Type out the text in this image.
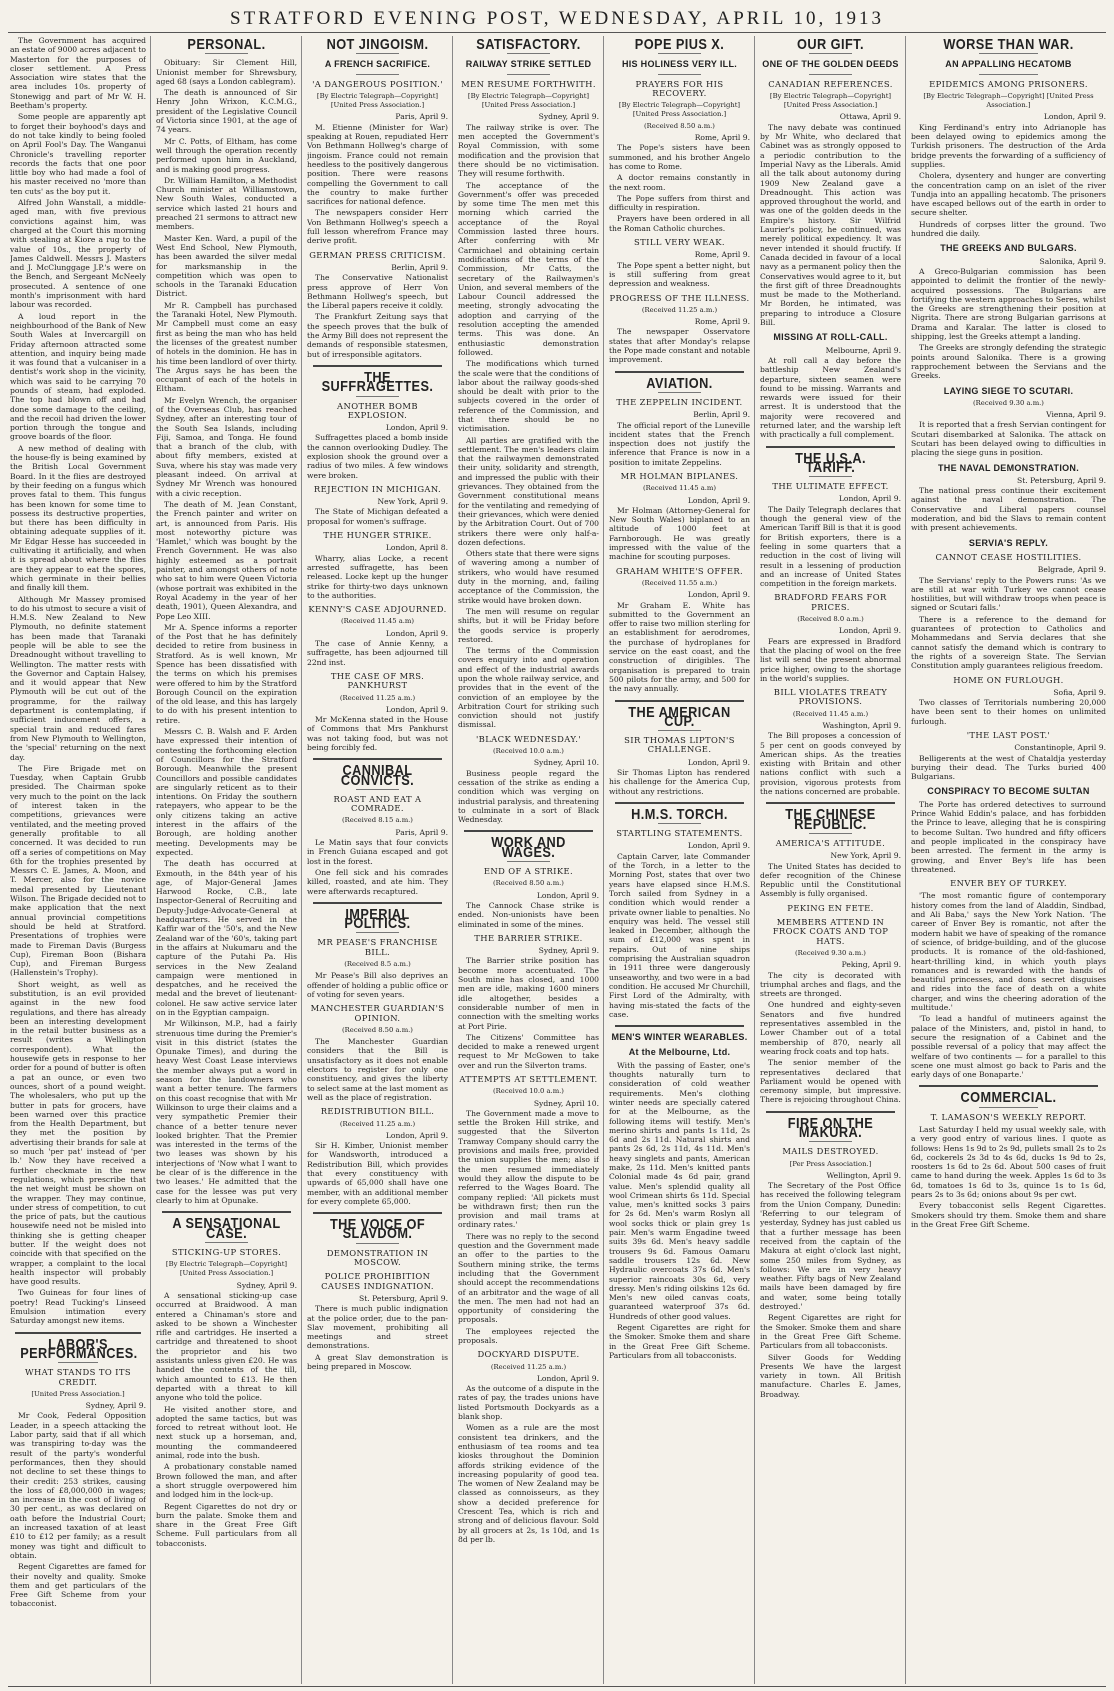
STRATFORD EVENING POST, WEDNESDAY, APRIL 10, 1913

The Government has acquired an estate of 9000 acres adjacent to Masterton for the purposes of closer settlement. A Press Association wire states that the area includes 10s. property of Stonewigg and part of Mr W. H. Beetham's property.

Some people are apparently apt to forget their boyhood's days and do not take kindly to being fooled on April Fool's Day. The Wanganui Chronicle's travelling reporter records the facts that one poor little boy who had made a fool of his master received no 'more than ten cuts' as the boy put it.

Alfred John Wanstall, a middle-aged man, with five previous convictions against him, was charged at the Court this morning with stealing at Kiore a rug to the value of 10s., the property of James Caldwell. Messrs J. Masters and J. McClunggage J.P.'s were on the Bench, and Sergeant McNeely prosecuted. A sentence of one month's imprisonment with hard labour was recorded.

A loud report in the neighbourhood of the Bank of New South Wales at Invercargill on Friday afternoon attracted some attention, and inquiry being made it was found that a vulcaniser in a dentist's work shop in the vicinity, which was said to be carrying 70 pounds of steam, had exploded. The top had blown off and had done some damage to the ceiling, and the recoil had driven the lower portion through the tongue and groove boards of the floor.

A new method of dealing with the house-fly is being examined by the British Local Government Board. In it the flies are destroyed by their feeding on a fungus which proves fatal to them. This fungus has been known for some time to possess its destructive properties, but there has been difficulty in obtaining adequate supplies of it. Mr Edgar Hesse has succeeded in cultivating it artificially, and when it is spread about where the flies are they appear to eat the spores, which germinate in their bellies and finally kill them.

Although Mr Massey promised to do his utmost to secure a visit of H.M.S. New Zealand to New Plymouth, no definite statement has been made that Taranaki people will be able to see the Dreadnought without travelling to Wellington. The matter rests with the Governor and Captain Halsey, and it would appear that New Plymouth will be cut out of the programme, for the railway department is contemplating, if sufficient inducement offers, a special train and reduced fares from New Plymouth to Wellington, the 'special' returning on the next day.

The Fire Brigade met on Tuesday, when Captain Grubb presided. The Chairman spoke very much to the point on the lack of interest taken in the competitions, grievances were ventilated, and the meeting proved generally profitable to all concerned. It was decided to run off a series of competitions on May 6th for the trophies presented by Messrs C. E. James, A. Moon, and T. Mercer, also for the novice medal presented by Lieutenant Wilson. The Brigade decided not to make application that the next annual provincial competitions should be held at Stratford. Presentations of trophies were made to Fireman Davis (Burgess Cup), Fireman Boon (Bishara Cup), and Fireman Burgess (Hallenstein's Trophy).

Short weight, as well as substitution, is an evil provided against in the new food regulations, and there has already been an interesting development in the retail butter business as a result (writes a Wellington correspondent). What the housewife gets in response to her order for a pound of butter is often a pat an ounce, or even two ounces, short of a pound weight. The wholesalers, who put up the butter in pats for grocers, have been warned over this practice from the Health Department, but they met the position by advertising their brands for sale at so much 'per pat' instead of 'per lb.' Now they have received a further checkmate in the new regulations, which prescribe that the net weight must be shown on the wrapper. They may continue, under stress of competition, to cut the price of pats, but the cautious housewife need not be misled into thinking she is getting cheaper butter. If the weight does not coincide with that specified on the wrapper, a complaint to the local health inspector will probably have good results.

Two Guineas for four lines of poetry! Read Tucking's Linseed Emulsion intimation every Saturday amongst new items.

LABOR'S PERFORMANCES.
WHAT STANDS TO ITS CREDIT.
[United Press Association.]
Sydney, April 9.

Mr Cook, Federal Opposition Leader, in a speech attacking the Labor party, said that if all which was transpiring to-day was the result of the party's wonderful performances, then they should not decline to set these things to their credit: 253 strikes, causing the loss of £8,000,000 in wages; an increase in the cost of living of 30 per cent., as was declared on oath before the Industrial Court; an increased taxation of at least £10 to £12 per family; as a result money was tight and difficult to obtain.

Regent Cigarettes are famed for their novelty and quality. Smoke them and get particulars of the Free Gift Scheme from your tobacconist.

PERSONAL.

Obituary: Sir Clement Hill, Unionist member for Shrewsbury, aged 68 (says a London cablegram).

The death is announced of Sir Henry John Wrixon, K.C.M.G., president of the Legislative Council of Victoria since 1901, at the age of 74 years.

Mr C. Potts, of Eltham, has come well through the operation recently performed upon him in Auckland, and is making good progress.

Dr. William Hamilton, a Methodist Church minister at Williamstown, New South Wales, conducted a service which lasted 21 hours and preached 21 sermons to attract new members.

Master Ken. Ward, a pupil of the West End School, New Plymouth, has been awarded the silver medal for marksmanship in the competition which was open to schools in the Taranaki Education District.

Mr R. Campbell has purchased the Taranaki Hotel, New Plymouth. Mr Campbell must come an easy first as being the man who has held the licenses of the greatest number of hotels in the dominion. He has in his time been landlord of over thirty. The Argus says he has been the occupant of each of the hotels in Eltham.

Mr Evelyn Wrench, the organiser of the Overseas Club, has reached Sydney, after an interesting tour of the South Sea Islands, including Fiji, Samoa, and Tonga. He found that a branch of the club, with about fifty members, existed at Suva, where his stay was made very pleasant indeed. On arrival at Sydney Mr Wrench was honoured with a civic reception.

The death of M. Jean Constant, the French painter and writer on art, is announced from Paris. His most noteworthy picture was 'Hamlet,' which was bought by the French Government. He was also highly esteemed as a portrait painter, and amongst others of note who sat to him were Queen Victoria (whose portrait was exhibited in the Royal Academy in the year of her death, 1901), Queen Alexandra, and Pope Leo XIII.

Mr A. Spence informs a reporter of the Post that he has definitely decided to retire from business in Stratford. As is well known, Mr Spence has been dissatisfied with the terms on which his premises were offered to him by the Stratford Borough Council on the expiration of the old lease, and this has largely to do with his present intention to retire.

Messrs C. B. Walsh and F. Arden have expressed their intention of contesting the forthcoming election of Councillors for the Stratford Borough. Meanwhile the present Councillors and possible candidates are singularly reticent as to their intentions. On Friday the southern ratepayers, who appear to be the only citizens taking an active interest in the affairs of the Borough, are holding another meeting. Developments may be expected.

The death has occurred at Exmouth, in the 84th year of his age, of Major-General James Harwood Rocke, C.B., late Inspector-General of Recruiting and Deputy-Judge-Advocate-General at headquarters. He served in the Kaffir war of the '50's, and the New Zealand war of the '60's, taking part in the affairs at Nukumaru and the capture of the Putahi Pa. His services in the New Zealand campaign were mentioned in despatches, and he received the medal and the brevet of lieutenant-colonel. He saw active service later on in the Egyptian campaign.

Mr Wilkinson, M.P., had a fairly strenuous time during the Premier's visit in this district (states the Opunake Times), and during the heavy West Coast Lease interviews the member always put a word in season for the landowners who want a better tenure. The farmers on this coast recognise that with Mr Wilkinson to urge their claims and a very sympathetic Premier their chance of a better tenure never looked brighter. That the Premier was interested in the terms of the two leases was shown by his interjections of 'Now what I want to be clear of is the difference in the two leases.' He admitted that the case for the lessee was put very clearly to him at Opunake.

A SENSATIONAL CASE.
STICKING-UP STORES.
[By Electric Telegraph—Copyright] [United Press Association.]
Sydney, April 9.

A sensational sticking-up case occurred at Braidwood. A man entered a Chinaman's store and asked to be shown a Winchester rifle and cartridges. He inserted a cartridge and threatened to shoot the proprietor and his two assistants unless given £20. He was handed the contents of the till, which amounted to £13. He then departed with a threat to kill anyone who told the police.

He visited another store, and adopted the same tactics, but was forced to retreat without loot. He next stuck up a horseman, and, mounting the commandeered animal, rode into the bush.

A probationary constable named Brown followed the man, and after a short struggle overpowered him and lodged him in the lock-up.

Regent Cigarettes do not dry or burn the palate. Smoke them and share in the Great Free Gift Scheme. Full particulars from all tobacconists.

NOT JINGOISM.
A FRENCH SACRIFICE.
'A DANGEROUS POSITION.'
[By Electric Telegraph—Copyright] [United Press Association.]
Paris, April 9.

M. Etienne (Minister for War) speaking at Rouen, repudiated Herr Von Bethmann Hollweg's charge of jingoism. France could not remain heedless to the positively dangerous position. There were reasons compelling the Government to call the country to make further sacrifices for national defence.

The newspapers consider Herr Von Bethmann Hollweg's speech a full lesson wherefrom France may derive profit.

GERMAN PRESS CRITICISM.
Berlin, April 9.

The Conservative Nationalist press approve of Herr Von Bethmann Hollweg's speech, but the Liberal papers receive it coldly.

The Frankfurt Zeitung says that the speech proves that the bulk of the Army Bill does not represent the demands of responsible statesmen, but of irresponsible agitators.

THE SUFFRAGETTES.
ANOTHER BOMB EXPLOSION.
London, April 9.

Suffragettes placed a bomb inside the cannon overlooking Dudley. The explosion shook the ground over a radius of two miles. A few windows were broken.

REJECTION IN MICHIGAN.
New York, April 9.

The State of Michigan defeated a proposal for women's suffrage.

THE HUNGER STRIKE.
London, April 8.

Wharry, alias Locke, a recent arrested suffragette, has been released. Locke kept up the hunger strike for thirty-two days unknown to the authorities.

KENNY'S CASE ADJOURNED.
(Received 11.45 a.m)
London, April 9.

The case of Annie Kenny, a suffragette, has been adjourned till 22nd inst.

THE CASE OF MRS. PANKHURST
(Received 11.25 a.m.)
London, April 9.

Mr McKenna stated in the House of Commons that Mrs Pankhurst was not taking food, but was not being forcibly fed.

CANNIBAL CONVICTS.
ROAST AND EAT A COMRADE.
(Received 8.15 a.m.)
Paris, April 9.

Le Matin says that four convicts in French Guiana escaped and got lost in the forest.

One fell sick and his comrades killed, roasted, and ate him. They were afterwards recaptured.

IMPERIAL POLITICS.
MR PEASE'S FRANCHISE BILL.
(Received 8.5 a.m.)

Mr Pease's Bill also deprives an offender of holding a public office or of voting for seven years.

MANCHESTER GUARDIAN'S OPINION.
(Received 8.50 a.m.)

The Manchester Guardian considers that the Bill is unsatisfactory as it does not enable electors to register for only one constituency, and gives the liberty to select same at the last moment as well as the place of registration.

REDISTRIBUTION BILL.
(Received 11.25 a.m.)
London, April 9.

Sir H. Kimber, Unionist member for Wandsworth, introduced a Redistribution Bill, which provides that every constituency with upwards of 65,000 shall have one member, with an additional member for every complete 65,000.

THE VOICE OF SLAVDOM.
DEMONSTRATION IN MOSCOW.
POLICE PROHIBITION CAUSES INDIGNATION.
St. Petersburg, April 9.

There is much public indignation at the police order, due to the pan-Slav movement, prohibiting all meetings and street demonstrations.

A great Slav demonstration is being prepared in Moscow.

SATISFACTORY.
RAILWAY STRIKE SETTLED
MEN RESUME FORTHWITH.
[By Electric Telegraph—Copyright] [United Press Association.]
Sydney, April 9.

The railway strike is over. The men accepted the Government's Royal Commission, with some modification and the provision that there should be no victimisation. They will resume forthwith.

The acceptance of the Government's offer was preceded by some time The men met this morning which carried the acceptance of the Royal Commission lasted three hours. After conferring with Mr Carmichael and obtaining certain modifications of the terms of the Commission, Mr Catts, the secretary of the Railwaymen's Union, and several members of the Labour Council addressed the meeting, strongly advocating the adoption and carrying of the resolution accepting the amended terms. This was done. An enthusiastic demonstration followed.

The modifications which turned the scale were that the conditions of labor about the railway goods-shed should be dealt with prior to the subjects covered in the order of reference of the Commission, and that there should be no victimisation.

All parties are gratified with the settlement. The men's leaders claim that the railwaymen demonstrated their unity, solidarity and strength, and impressed the public with their grievances. They obtained from the Government constitutional means for the ventilating and remedying of their grievances, which were denied by the Arbitration Court. Out of 700 strikers there were only half-a-dozen defections.

Others state that there were signs of wavering among a number of strikers, who would have resumed duty in the morning, and, failing acceptance of the Commission, the strike would have broken down.

The men will resume on regular shifts, but it will be Friday before the goods service is properly restored.

The terms of the Commission covers enquiry into and operation and effect of the industrial awards upon the whole railway service, and provides that in the event of the conviction of an employee by the Arbitration Court for striking such conviction should not justify dismissal.

'BLACK WEDNESDAY.'
(Received 10.0 a.m.)
Sydney, April 10.

Business people regard the cessation of the strike as ending a condition which was verging on industrial paralysis, and threatening to culminate in a sort of Black Wednesday.

WORK AND WAGES.
END OF A STRIKE.
(Received 8.50 a.m.)
London, April 9.

The Cannock Chase strike is ended. Non-unionists have been eliminated in some of the mines.

THE BARRIER STRIKE.
Sydney, April 9.

The Barrier strike position has become more accentuated. The South mine has closed, and 1000 men are idle, making 1600 miners idle altogether, besides a considerable number of men in connection with the smelting works at Port Pirie.

The Citizens' Committee has decided to make a renewed urgent request to Mr McGowen to take over and run the Silverton trams.

ATTEMPTS AT SETTLEMENT.
(Received 10.0 a.m.)
Sydney, April 10.

The Government made a move to settle the Broken Hill strike, and suggested that the Silverton Tramway Company should carry the provisions and mails free, provided the union supplies the men; also if the men resumed immediately would they allow the dispute to be referred to the Wages Board. The company replied: 'All pickets must be withdrawn first; then run the provision and mail trams at ordinary rates.'

There was no reply to the second question and the Government made an offer to the parties to the Southern mining strike, the terms including that the Government should accept the recommendations of an arbitrator and the wage of all the men. The men had not had an opportunity of considering the proposals.

The employees rejected the proposals.

DOCKYARD DISPUTE.
(Received 11.25 a.m.)
London, April 9.

As the outcome of a dispute in the rates of pay, the trades unions have listed Portsmouth Dockyards as a blank shop.

Women as a rule are the most consistent tea drinkers, and the enthusiasm of tea rooms and tea kiosks throughout the Dominion affords striking evidence of the increasing popularity of good tea. The women of New Zealand may be classed as connoisseurs, as they show a decided preference for Crescent Tea, which is rich and strong and of delicious flavour. Sold by all grocers at 2s, 1s 10d, and 1s 8d per lb.

POPE PIUS X.
HIS HOLINESS VERY ILL.
PRAYERS FOR HIS RECOVERY.
[By Electric Telegraph—Copyright] [United Press Association.]
(Received 8.50 a.m.)
Rome, April 9.

The Pope's sisters have been summoned, and his brother Angelo has come to Rome.

A doctor remains constantly in the next room.

The Pope suffers from thirst and difficulty in respiration.

Prayers have been ordered in all the Roman Catholic churches.

STILL VERY WEAK.
Rome, April 9.

The Pope spent a better night, but is still suffering from great depression and weakness.

PROGRESS OF THE ILLNESS.
(Received 11.25 a.m.)
Rome, April 9.

The newspaper Osservatore states that after Monday's relapse the Pope made constant and notable improvement.

AVIATION.
THE ZEPPELIN INCIDENT.
Berlin, April 9.

The official report of the Luneville incident states that the French inspection does not justify the inference that France is now in a position to imitate Zeppelins.

MR HOLMAN BIPLANES.
(Received 11.45 a.m)
London, April 9.

Mr Holman (Attorney-General for New South Wales) biplaned to an altitude of 1000 feet at Farnborough. He was greatly impressed with the value of the machine for scouting purposes.

GRAHAM WHITE'S OFFER.
(Received 11.55 a.m.)
London, April 9.

Mr Graham E. White has submitted to the Government an offer to raise two million sterling for an establishment for aerodromes, the purchase of hydroplanes for service on the east coast, and the construction of dirigibles. The organisation is prepared to train 500 pilots for the army, and 500 for the navy annually.

THE AMERICAN CUP.
SIR THOMAS LIPTON'S CHALLENGE.
London, April 9.

Sir Thomas Lipton has rendered his challenge for the America Cup, without any restrictions.

H.M.S. TORCH.
STARTLING STATEMENTS.
London, April 9.

Captain Carver, late Commander of the Torch, in a letter to the Morning Post, states that over two years have elapsed since H.M.S. Torch sailed from Sydney in a condition which would render a private owner liable to penalties. No enquiry was held. The vessel still leaked in December, although the sum of £12,000 was spent in repairs. Out of nine ships comprising the Australian squadron in 1911 three were dangerously unseaworthy, and two were in a bad condition. He accused Mr Churchill, First Lord of the Admiralty, with having mis-stated the facts of the case.

MEN'S WINTER WEARABLES.
At the Melbourne, Ltd.

With the passing of Easter, one's thoughts naturally turn to consideration of cold weather requirements. Men's clothing winter needs are specially catered for at the Melbourne, as the following items will testify. Men's merino shirts and pants 1s 11d, 2s 6d and 2s 11d. Natural shirts and pants 2s 6d, 2s 11d, 4s 11d. Men's heavy singlets and pants, American make, 2s 11d. Men's knitted pants Colonial made 4s 6d pair, grand value. Men's splendid quality all wool Crimean shirts 6s 11d. Special value, men's knitted socks 3 pairs for 2s 6d. Men's warm Roslyn all wool socks thick or plain grey 1s pair. Men's warm Engadine tweed suits 39s 6d. Men's heavy saddle trousers 9s 6d. Famous Oamaru saddle trousers 12s 6d. New Hydraulic overcoats 37s 6d. Men's superior raincoats 30s 6d, very dressy. Men's riding oilskins 12s 6d. Men's new oiled canvas coats, guaranteed waterproof 37s 6d. Hundreds of other good values.

Regent Cigarettes are right for the Smoker. Smoke them and share in the Great Free Gift Scheme. Particulars from all tobacconists.

OUR GIFT.
ONE OF THE GOLDEN DEEDS
CANADIAN REFERENCES.
[By Electric Telegraph—Copyright] [United Press Association.]
Ottawa, April 9.

The navy debate was continued by Mr White, who declared that Cabinet was as strongly opposed to a periodic contribution to the Imperial Navy as the Liberals. Amid all the talk about autonomy during 1909 New Zealand gave a Dreadnought. This action was approved throughout the world, and was one of the golden deeds in the Empire's history. Sir Wilfrid Laurier's policy, he continued, was merely political expediency. It was never intended it should fructify. If Canada decided in favour of a local navy as a permanent policy then the Conservatives would agree to it, but the first gift of three Dreadnoughts must be made to the Motherland. Mr Borden, he intimated, was preparing to introduce a Closure Bill.

MISSING AT ROLL-CALL.
Melbourne, April 9.

At roll call a day before the battleship New Zealand's departure, sixteen seamen were found to be missing. Warrants and rewards were issued for their arrest. It is understood that the majority were recovered and returned later, and the warship left with practically a full complement.

THE U.S.A. TARIFF.
THE ULTIMATE EFFECT.
London, April 9.

The Daily Telegraph declares that though the general view of the American Tariff Bill is that it is good for British exporters, there is a feeling in some quarters that a reduction in the cost of living will result in a lessening of production and an increase of United States competition in the foreign markets.

BRADFORD FEARS FOR PRICES.
(Received 8.0 a.m.)
London, April 9.

Fears are expressed in Bradford that the placing of wool on the free list will send the present abnormal price higher, owing to the shortage in the world's supplies.

BILL VIOLATES TREATY PROVISIONS.
(Received 11.45 a.m.)
Washington, April 9.

The Bill proposes a concession of 5 per cent on goods conveyed by American ships. As the treaties existing with Britain and other nations conflict with such a provision, vigorous protests from the nations concerned are probable.

THE CHINESE REPUBLIC.
AMERICA'S ATTITUDE.
New York, April 9.

The United States has decided to defer recognition of the Chinese Republic until the Constitutional Assembly is fully organised.

PEKING EN FETE.
MEMBERS ATTEND IN FROCK COATS AND TOP HATS.
(Received 9.30 a.m.)
Peking, April 9.

The city is decorated with triumphal arches and flags, and the streets are thronged.

One hundred and eighty-seven Senators and five hundred representatives assembled in the Lower Chamber out of a total membership of 870, nearly all wearing frock coats and top hats.

The senior member of the representatives declared that Parliament would be opened with ceremony simple, but impressive. There is rejoicing throughout China.

FIRE ON THE MAKURA.
MAILS DESTROYED.
[Per Press Association.]
Wellington, April 9.

The Secretary of the Post Office has received the following telegram from the Union Company, Dunedin: 'Referring to our telegram of yesterday, Sydney has just cabled us that a further message has been received from the captain of the Makura at eight o'clock last night, some 250 miles from Sydney, as follows: We are in very heavy weather. Fifty bags of New Zealand mails have been damaged by fire and water, some being totally destroyed.'

Regent Cigarettes are right for the Smoker. Smoke them and share in the Great Free Gift Scheme. Particulars from all tobacconists.

Silver Goods for Wedding Presents We have the largest variety in town. All British manufacture. Charles E. James, Broadway.

WORSE THAN WAR.
AN APPALLING HECATOMB
EPIDEMICS AMONG PRISONERS.
[By Electric Telegraph—Copyright] [United Press Association.]
London, April 9.

King Ferdinand's entry into Adrianople has been delayed owing to epidemics among the Turkish prisoners. The destruction of the Arda bridge prevents the forwarding of a sufficiency of supplies.

Cholera, dysentery and hunger are converting the concentration camp on an islet of the river Tundja into an appalling hecatomb. The prisoners have escaped bellows out of the earth in order to secure shelter.

Hundreds of corpses litter the ground. Two hundred die daily.

THE GREEKS AND BULGARS.
Salonika, April 9.

A Greco-Bulgarian commission has been appointed to delimit the frontier of the newly-acquired possessions. The Bulgarians are fortifying the western approaches to Seres, whilst the Greeks are strengthening their position at Nigrita. There are strong Bulgarian garrisons at Drama and Karalar. The latter is closed to shipping, lest the Greeks attempt a landing.

The Greeks are strongly defending the strategic points around Salonika. There is a growing rapprochement between the Servians and the Greeks.

LAYING SIEGE TO SCUTARI.
(Received 9.30 a.m.)
Vienna, April 9.

It is reported that a fresh Servian contingent for Scutari disembarked at Salonika. The attack on Scutari has been delayed owing to difficulties in placing the siege guns in position.

THE NAVAL DEMONSTRATION.
St. Petersburg, April 9.

The national press continue their excitement against the naval demonstration. The Conservative and Liberal papers counsel moderation, and bid the Slavs to remain content with present achievements.

SERVIA'S REPLY.
CANNOT CEASE HOSTILITIES.
Belgrade, April 9.

The Servians' reply to the Powers runs: 'As we are still at war with Turkey we cannot cease hostilities, but will withdraw troops when peace is signed or Scutari falls.'

There is a reference to the demand for guarantees of protection to Catholics and Mohammedans and Servia declares that she cannot satisfy the demand which is contrary to the rights of a sovereign State. The Servian Constitution amply guarantees religious freedom.

HOME ON FURLOUGH.
Sofia, April 9.

Two classes of Territorials numbering 20,000 have been sent to their homes on unlimited furlough.

'THE LAST POST.'
Constantinople, April 9.

Belligerents at the west of Chataldja yesterday burying their dead. The Turks buried 400 Bulgarians.

CONSPIRACY TO BECOME SULTAN

The Porte has ordered detectives to surround Prince Wahid Eddin's palace, and has forbidden the Prince to leave, alleging that he is conspiring to become Sultan. Two hundred and fifty officers and people implicated in the conspiracy have been arrested. The ferment in the army is growing, and Enver Bey's life has been threatened.

ENVER BEY OF TURKEY.

'The most romantic figure of contemporary history comes from the land of Aladdin, Sindbad, and Ali Baba,' says the New York Nation. 'The career of Enver Bey is romantic, not after the modern habit we have of speaking of the romance of science, of bridge-building, and of the glucose products. It is romance of the old-fashioned, heart-thrilling kind, in which youth plays romances and is rewarded with the hands of beautiful princesses, and dons secret disguises and rides into the face of death on a white charger, and wins the cheering adoration of the multitude.'

'To lead a handful of mutineers against the palace of the Ministers, and, pistol in hand, to secure the resignation of a Cabinet and the possible reversal of a policy that may affect the welfare of two continents — for a parallel to this scene one must almost go back to Paris and the early days of one Bonaparte.'

COMMERCIAL.
T. LAMASON'S WEEKLY REPORT.

Last Saturday I held my usual weekly sale, with a very good entry of various lines. I quote as follows: Hens 1s 9d to 2s 9d, pullets small 2s to 2s 6d, cockerels 2s 3d to 4s 6d, ducks 1s 9d to 2s, roosters 1s 6d to 2s 6d. About 500 cases of fruit came to hand during the week. Apples 1s 6d to 3s 6d, tomatoes 1s 6d to 3s, quince 1s to 1s 6d, pears 2s to 3s 6d; onions about 9s per cwt.

Every tobacconist sells Regent Cigarettes. Smokers should try them. Smoke them and share in the Great Free Gift Scheme.
